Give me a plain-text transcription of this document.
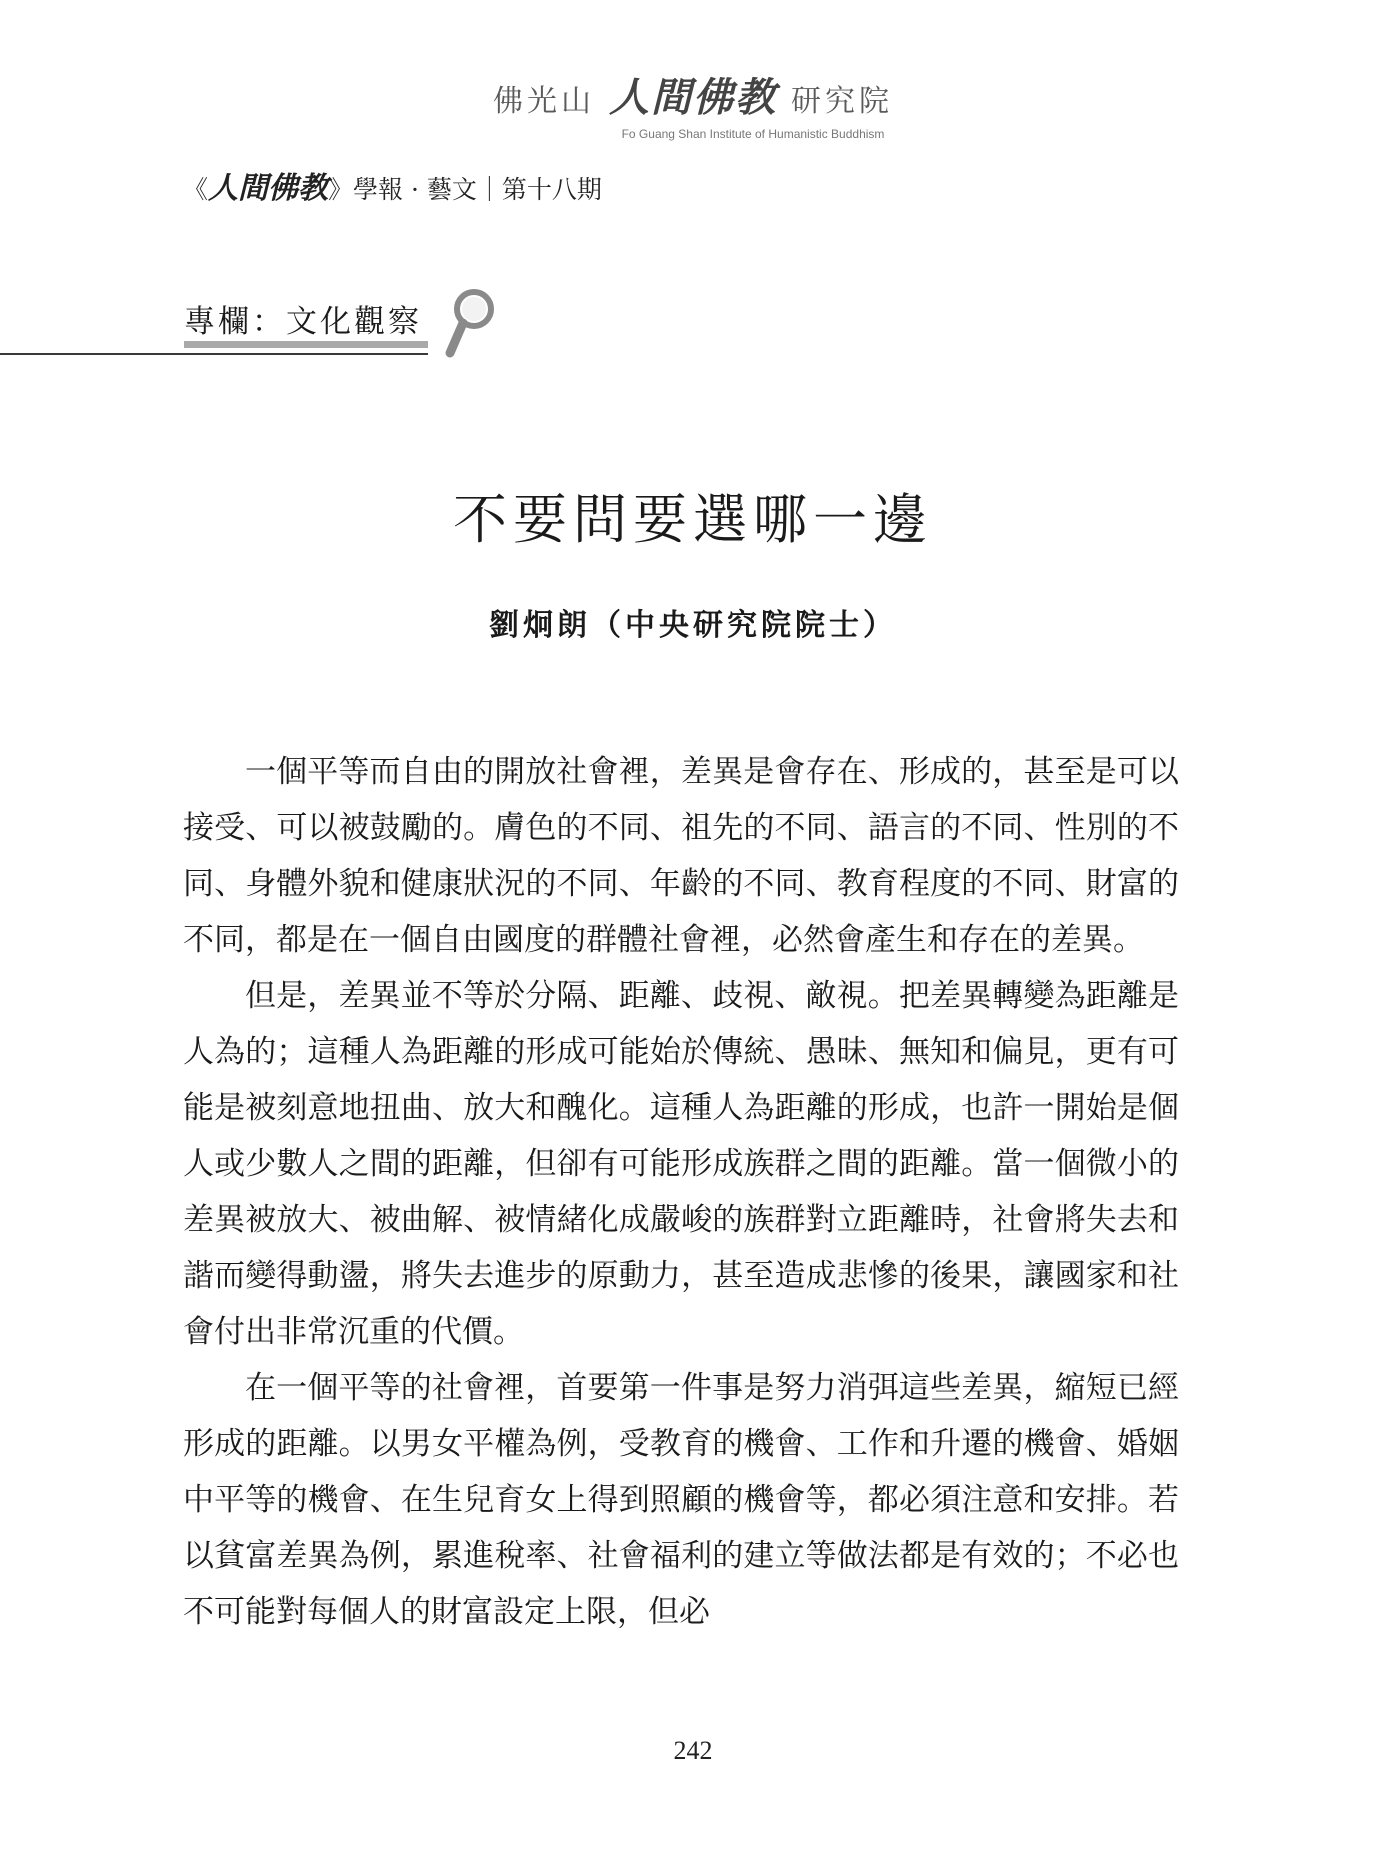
佛光山 人間佛教 研究院
Fo Guang Shan Institute of Humanistic Buddhism
《人間佛教》學報 · 藝文｜第十八期
專欄：文化觀察
不要問要選哪一邊
劉炯朗（中央研究院院士）

一個平等而自由的開放社會裡，差異是會存在、形成的，甚至是可以接受、可以被鼓勵的。膚色的不同、祖先的不同、語言的不同、性別的不同、身體外貌和健康狀況的不同、年齡的不同、教育程度的不同、財富的不同，都是在一個自由國度的群體社會裡，必然會產生和存在的差異。

但是，差異並不等於分隔、距離、歧視、敵視。把差異轉變為距離是人為的；這種人為距離的形成可能始於傳統、愚昧、無知和偏見，更有可能是被刻意地扭曲、放大和醜化。這種人為距離的形成，也許一開始是個人或少數人之間的距離，但卻有可能形成族群之間的距離。當一個微小的差異被放大、被曲解、被情緒化成嚴峻的族群對立距離時，社會將失去和諧而變得動盪，將失去進步的原動力，甚至造成悲慘的後果，讓國家和社會付出非常沉重的代價。

在一個平等的社會裡，首要第一件事是努力消弭這些差異，縮短已經形成的距離。以男女平權為例，受教育的機會、工作和升遷的機會、婚姻中平等的機會、在生兒育女上得到照顧的機會等，都必須注意和安排。若以貧富差異為例，累進稅率、社會福利的建立等做法都是有效的；不必也不可能對每個人的財富設定上限，但必

242
